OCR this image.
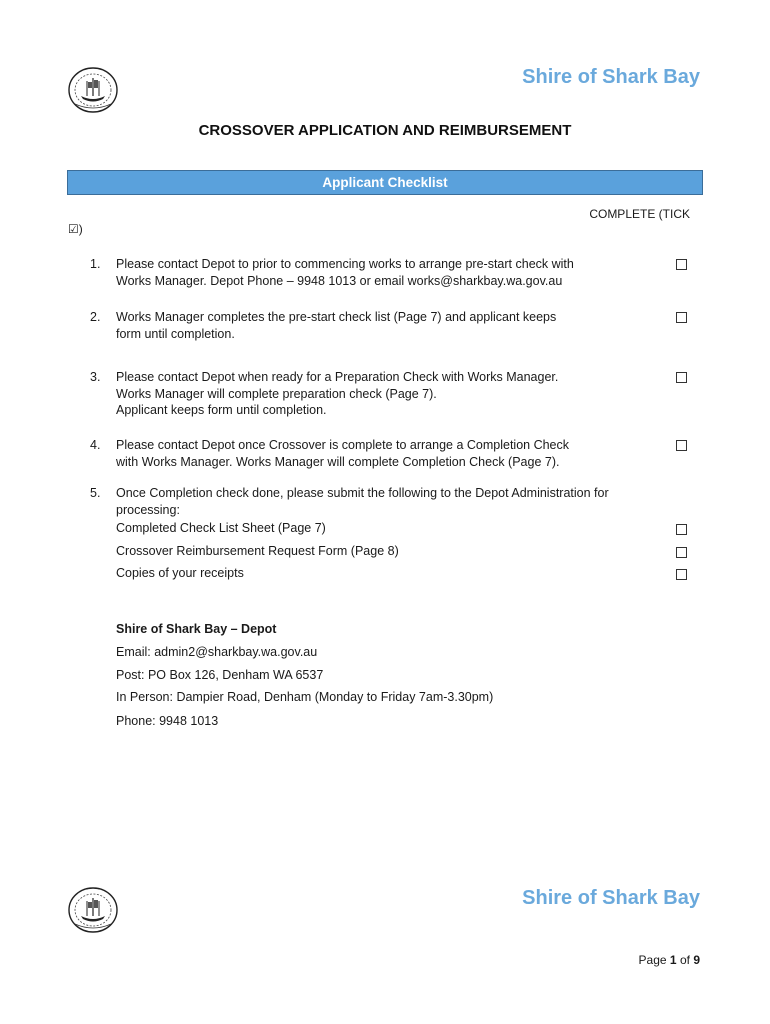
Shire of Shark Bay
CROSSOVER APPLICATION AND REIMBURSEMENT
Applicant Checklist
COMPLETE (TICK
☑)
1.	Please contact Depot to prior to commencing works to arrange pre-start check with
Works Manager. Depot Phone – 9948 1013 or email works@sharkbay.wa.gov.au
2.	Works Manager completes the pre-start check list (Page 7) and applicant keeps
form until completion.
3.	Please contact Depot when ready for a Preparation Check with Works Manager.
Works Manager will complete preparation check (Page 7).
Applicant keeps form until completion.
4.	Please contact Depot once Crossover is complete to arrange a Completion Check
with Works Manager. Works Manager will complete Completion Check (Page 7).
5.	Once Completion check done, please submit the following to the Depot Administration for
processing:
Completed Check List Sheet (Page 7)
Crossover Reimbursement Request Form (Page 8)
Copies of your receipts
Shire of Shark Bay – Depot
Email: admin2@sharkbay.wa.gov.au
Post: PO Box 126, Denham WA 6537
In Person: Dampier Road, Denham (Monday to Friday 7am-3.30pm)
Phone: 9948 1013
Shire of Shark Bay
Page 1 of 9
